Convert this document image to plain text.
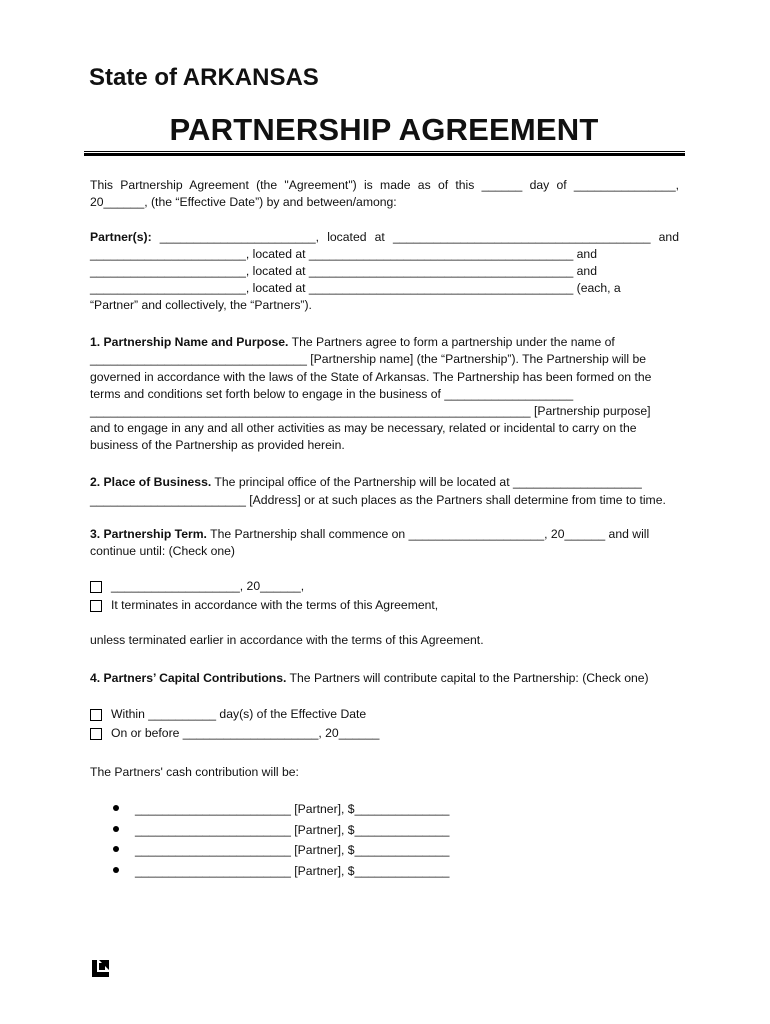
State of ARKANSAS
PARTNERSHIP AGREEMENT

This Partnership Agreement (the "Agreement") is made as of this ______ day of _______________,

20______, (the “Effective Date”) by and between/among:

Partner(s): _______________________, located at ______________________________________ and

_______________________, located at _______________________________________ and

_______________________, located at _______________________________________ and

_______________________, located at _______________________________________ (each, a

“Partner” and collectively, the “Partners”).

1. Partnership Name and Purpose. The Partners agree to form a partnership under the name of

________________________________ [Partnership name] (the “Partnership”). The Partnership will be

governed in accordance with the laws of the State of Arkansas. The Partnership has been formed on the

terms and conditions set forth below to engage in the business of ___________________

_________________________________________________________________ [Partnership purpose]

and to engage in any and all other activities as may be necessary, related or incidental to carry on the

business of the Partnership as provided herein.

2. Place of Business. The principal office of the Partnership will be located at ___________________

_______________________ [Address] or at such places as the Partners shall determine from time to time.

3. Partnership Term. The Partnership shall commence on ____________________, 20______ and will

continue until: (Check one)

___________________, 20______,
It terminates in accordance with the terms of this Agreement,

unless terminated earlier in accordance with the terms of this Agreement.

4. Partners’ Capital Contributions. The Partners will contribute capital to the Partnership: (Check one)

Within __________ day(s) of the Effective Date
On or before ____________________, 20______

The Partners' cash contribution will be:

_______________________ [Partner], $______________
_______________________ [Partner], $______________
_______________________ [Partner], $______________
_______________________ [Partner], $______________
